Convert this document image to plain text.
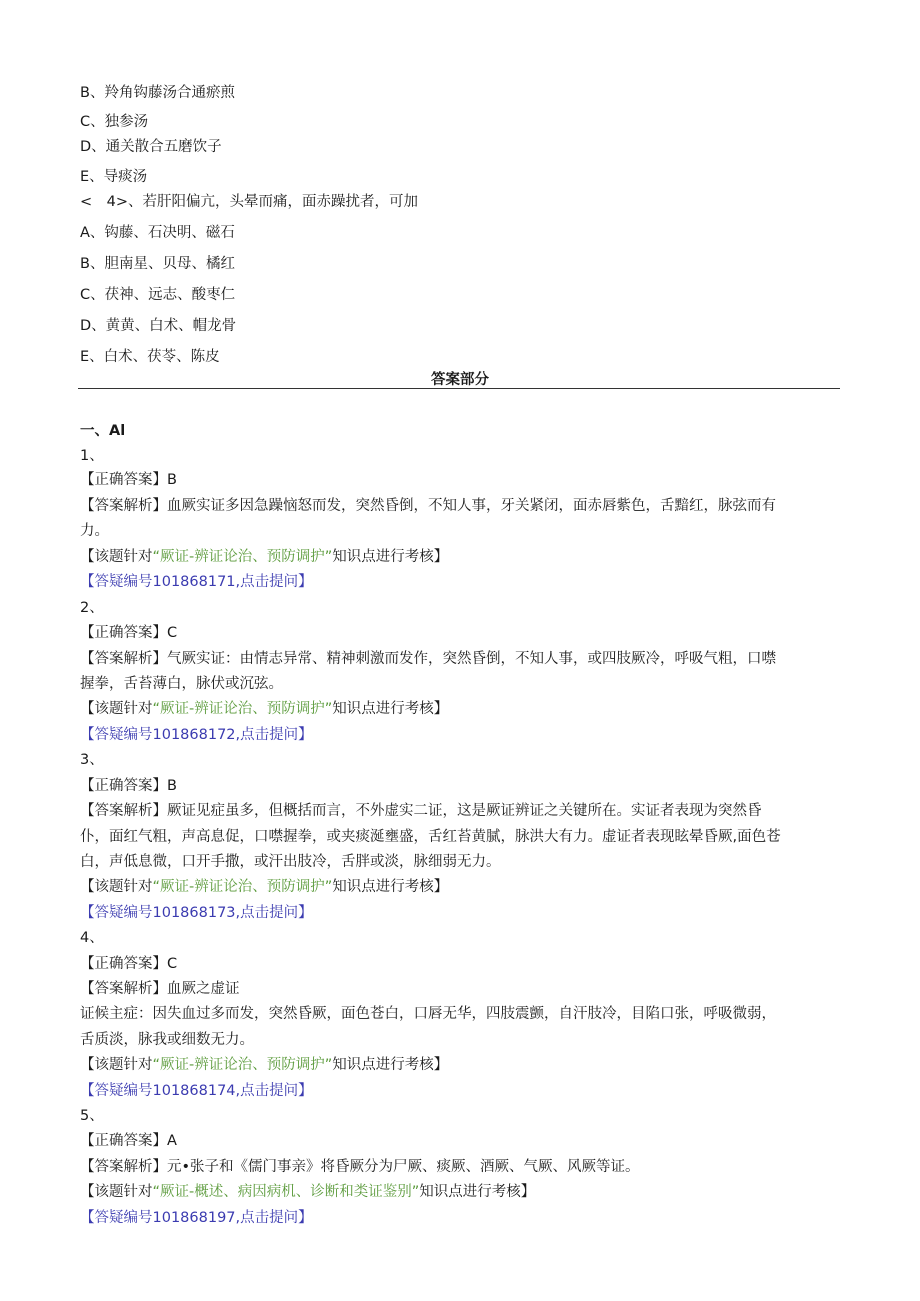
B、羚角钩藤汤合通瘀煎
C、独参汤
D、通关散合五磨饮子
E、导痰汤
<　4>、若肝阳偏亢，头晕而痛，面赤躁扰者，可加
A、钩藤、石决明、磁石
B、胆南星、贝母、橘红
C、茯神、远志、酸枣仁
D、黄黄、白术、帽龙骨
E、白术、茯苓、陈皮
答案部分
一、Al
1、
【正确答案】B
【答案解析】血厥实证多因急躁恼怒而发，突然昏倒，不知人事，牙关紧闭，面赤唇紫色，舌黯红，脉弦而有
力。
【该题针对“厥证-辨证论治、预防调护”知识点进行考核】
【答疑编号101868171,点击提问】
2、
【正确答案】C
【答案解析】气厥实证：由情志异常、精神刺激而发作，突然昏倒，不知人事，或四肢厥冷，呼吸气粗，口噤
握拳，舌苔薄白，脉伏或沉弦。
【该题针对“厥证-辨证论治、预防调护”知识点进行考核】
【答疑编号101868172,点击提问】
3、
【正确答案】B
【答案解析】厥证见症虽多，但概括而言，不外虚实二证，这是厥证辨证之关键所在。实证者表现为突然昏
仆，面红气粗，声高息促，口噤握拳，或夹痰涎壅盛，舌红苔黄腻，脉洪大有力。虚证者表现眩晕昏厥,面色苍
白，声低息微，口开手撒，或汗出肢冷，舌胖或淡，脉细弱无力。
【该题针对“厥证-辨证论治、预防调护”知识点进行考核】
【答疑编号101868173,点击提问】
4、
【正确答案】C
【答案解析】血厥之虚证
证候主症：因失血过多而发，突然昏厥，面色苍白，口唇无华，四肢震颤，自汗肢冷，目陷口张，呼吸微弱，
舌质淡，脉我或细数无力。
【该题针对“厥证-辨证论治、预防调护”知识点进行考核】
【答疑编号101868174,点击提问】
5、
【正确答案】A
【答案解析】元•张子和《儒门事亲》将昏厥分为尸厥、痰厥、酒厥、气厥、风厥等证。
【该题针对“厥证-概述、病因病机、诊断和类证鉴别”知识点进行考核】
【答疑编号101868197,点击提问】
